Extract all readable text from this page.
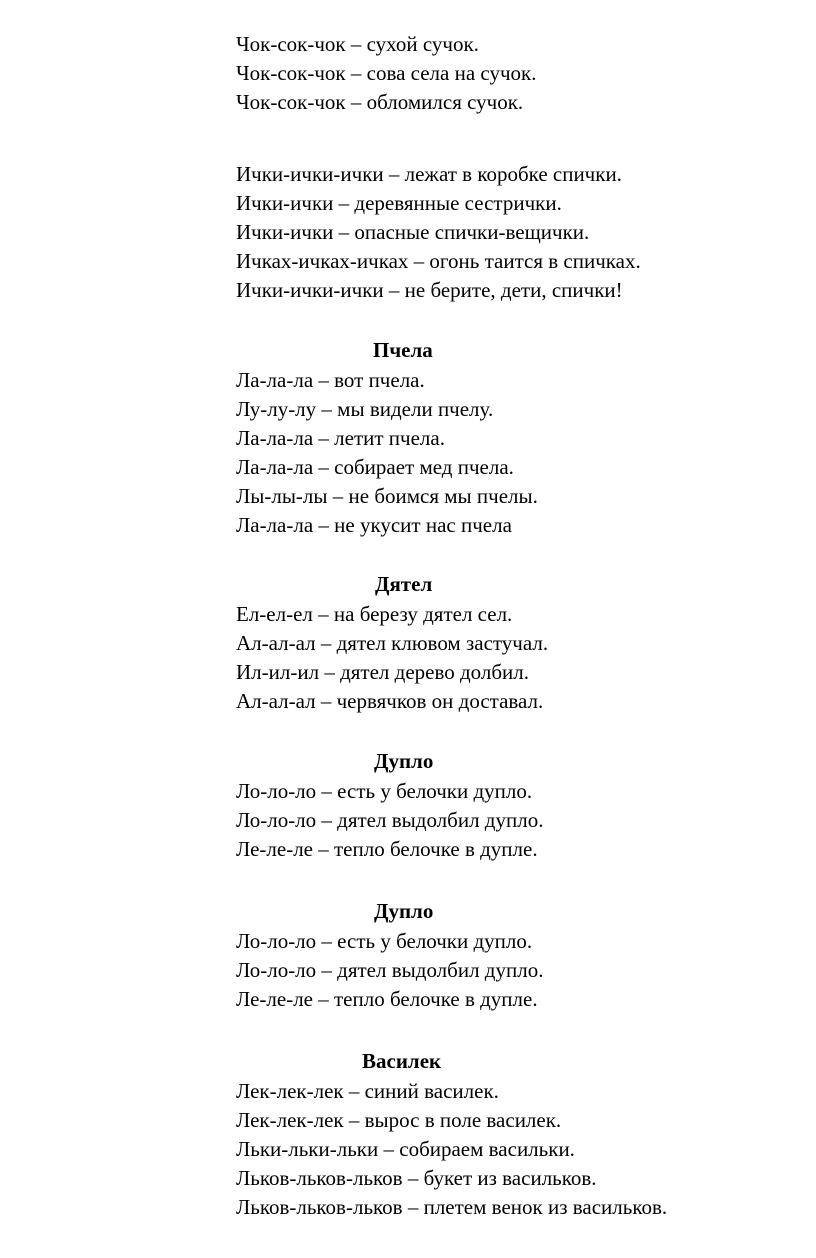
Чок-сок-чок – сухой сучок.
Чок-сок-чок – сова села на сучок.
Чок-сок-чок – обломился сучок.
Ички-ички-ички – лежат в коробке спички.
Ички-ички – деревянные сестрички.
Ички-ички – опасные спички-вещички.
Ичках-ичках-ичках – огонь таится в спичках.
Ички-ички-ички – не берите, дети, спички!
Пчела
Ла-ла-ла – вот пчела.
Лу-лу-лу – мы видели пчелу.
Ла-ла-ла – летит пчела.
Ла-ла-ла – собирает мед пчела.
Лы-лы-лы – не боимся мы пчелы.
Ла-ла-ла – не укусит нас пчела
Дятел
Ел-ел-ел – на березу дятел сел.
Ал-ал-ал – дятел клювом застучал.
Ил-ил-ил – дятел дерево долбил.
Ал-ал-ал – червячков он доставал.
Дупло
Ло-ло-ло – есть у белочки дупло.
Ло-ло-ло – дятел выдолбил дупло.
Ле-ле-ле – тепло белочке в дупле.
Дупло
Ло-ло-ло – есть у белочки дупло.
Ло-ло-ло – дятел выдолбил дупло.
Ле-ле-ле – тепло белочке в дупле.
Василек
Лек-лек-лек – синий василек.
Лек-лек-лек – вырос в поле василек.
Льки-льки-льки – собираем васильки.
Льков-льков-льков – букет из васильков.
Льков-льков-льков – плетем венок из васильков.
